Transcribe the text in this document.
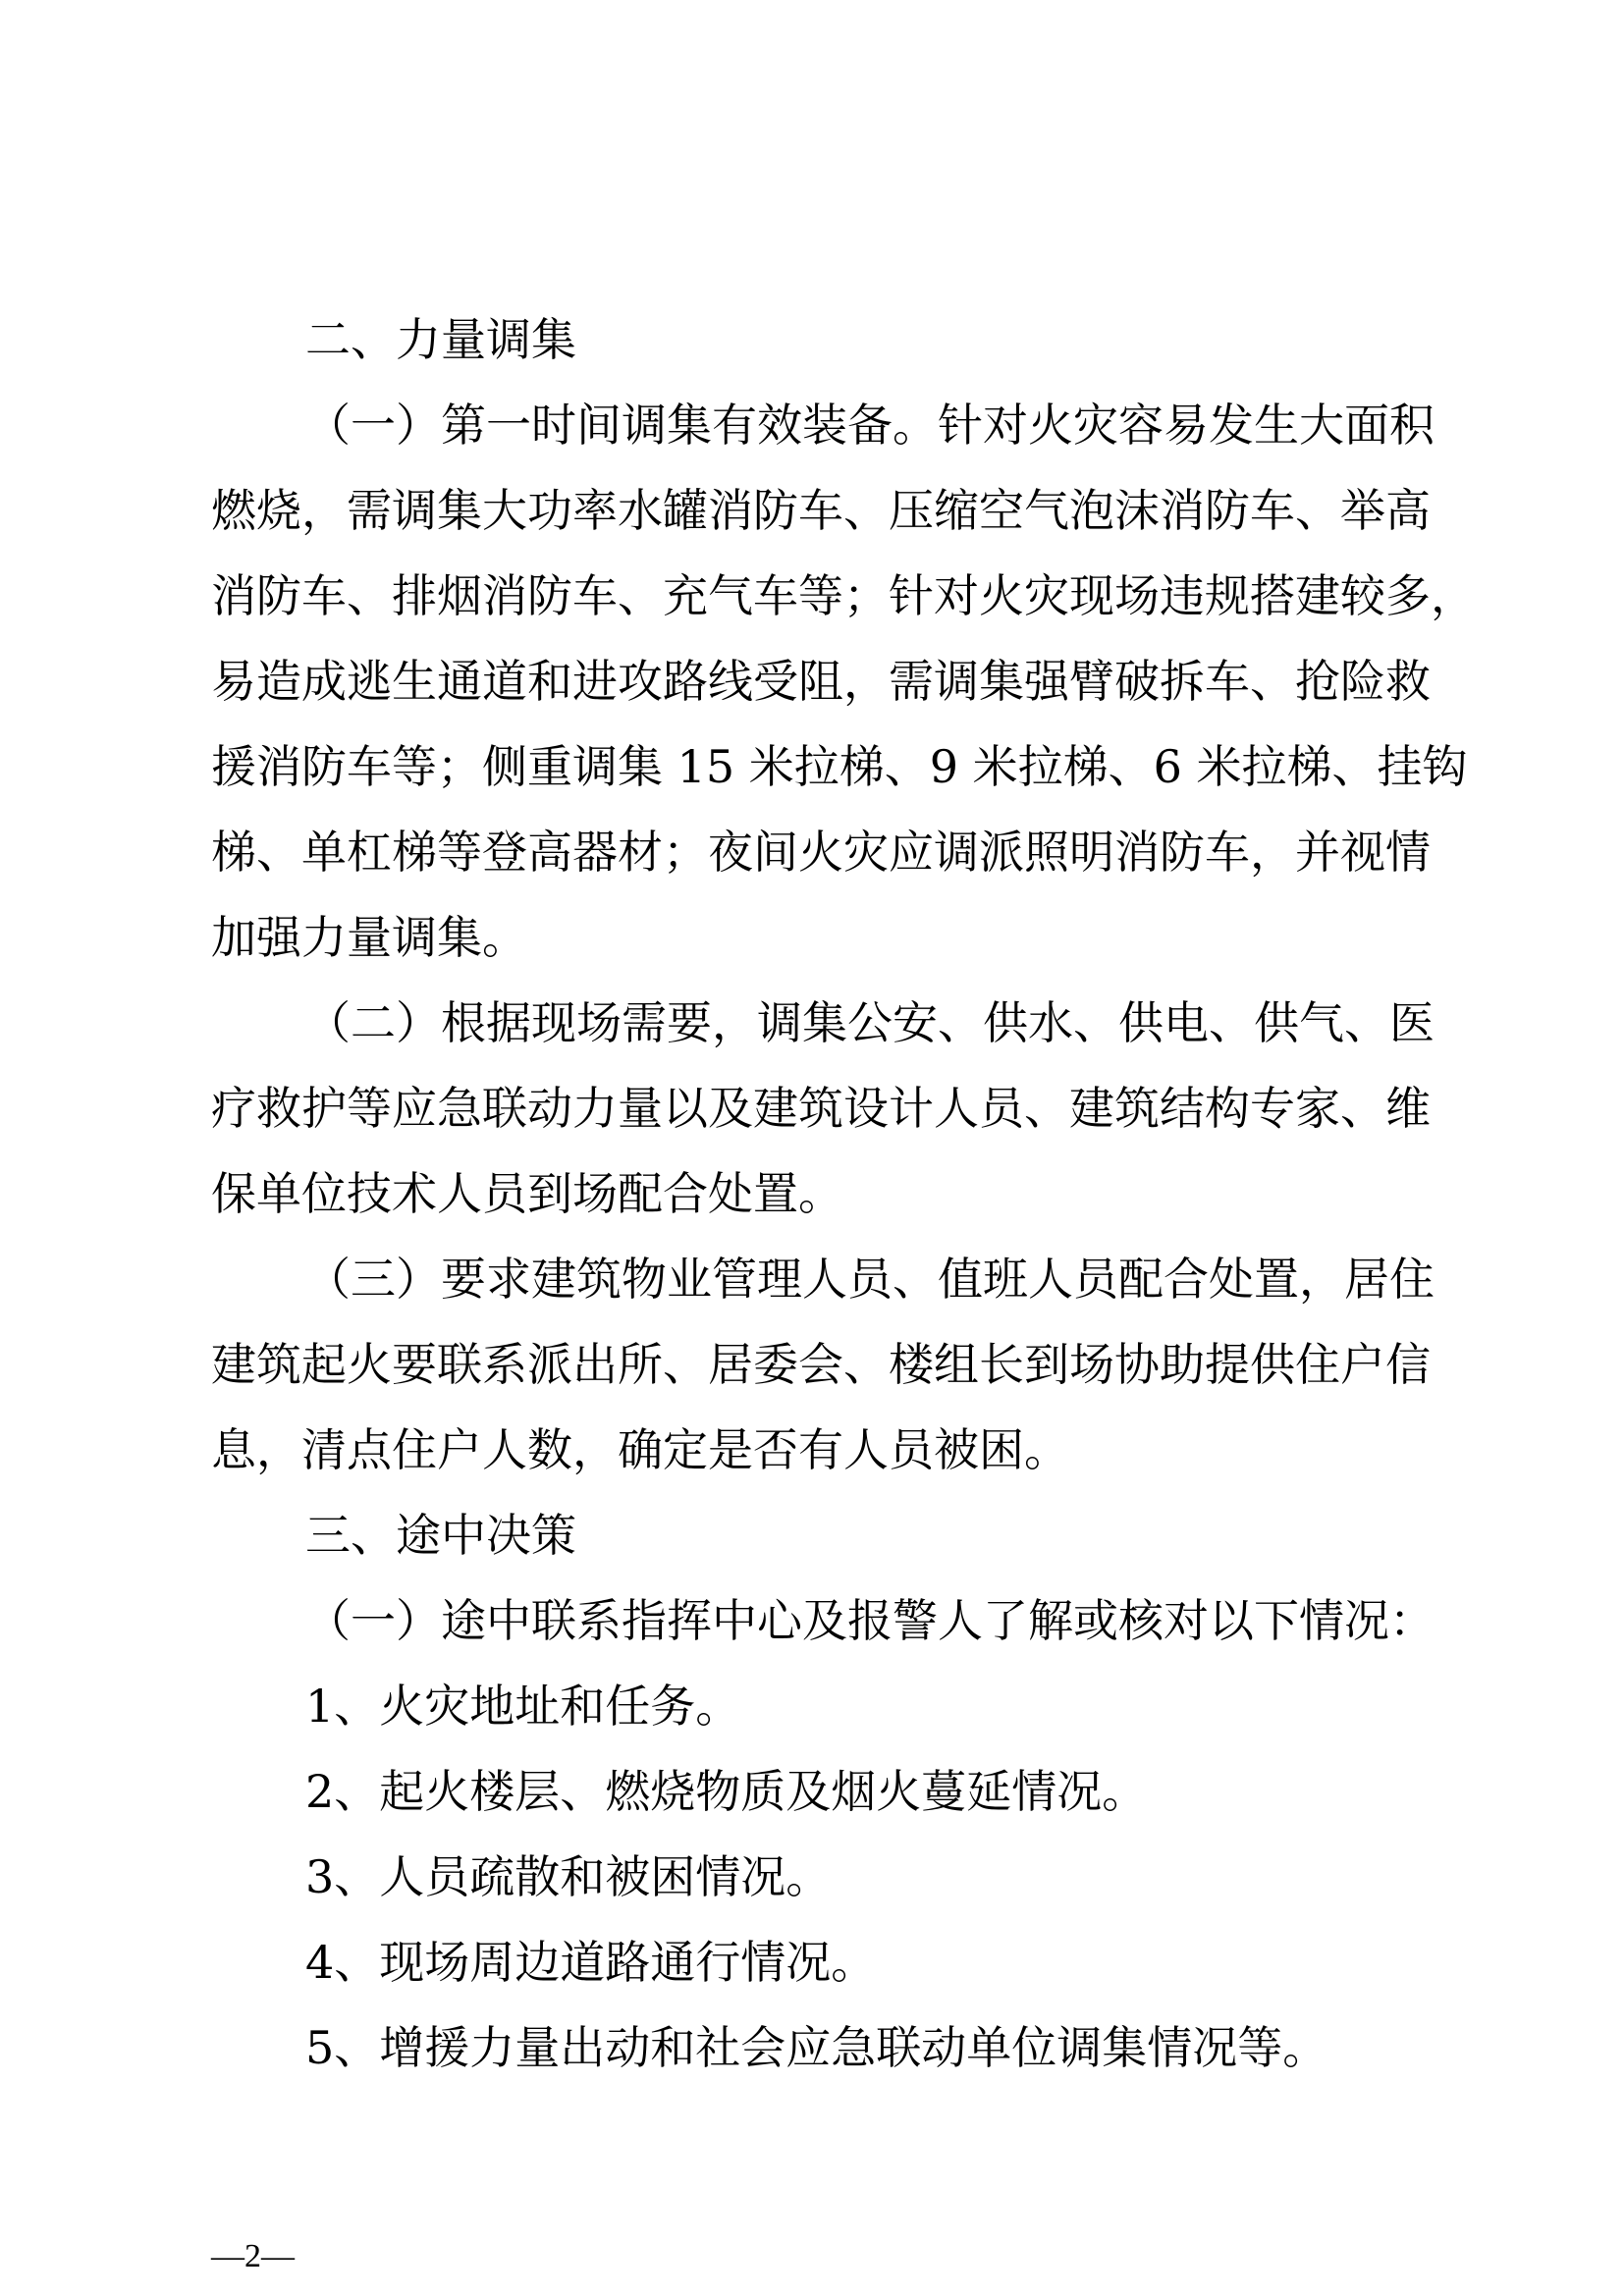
二、力量调集
（一）第一时间调集有效装备。针对火灾容易发生大面积
燃烧，需调集大功率水罐消防车、压缩空气泡沫消防车、举高
消防车、排烟消防车、充气车等；针对火灾现场违规搭建较多，
易造成逃生通道和进攻路线受阻，需调集强臂破拆车、抢险救
援消防车等；侧重调集 15 米拉梯、9 米拉梯、6 米拉梯、挂钩
梯、单杠梯等登高器材；夜间火灾应调派照明消防车，并视情
加强力量调集。
（二）根据现场需要，调集公安、供水、供电、供气、医
疗救护等应急联动力量以及建筑设计人员、建筑结构专家、维
保单位技术人员到场配合处置。
（三）要求建筑物业管理人员、值班人员配合处置，居住
建筑起火要联系派出所、居委会、楼组长到场协助提供住户信
息，清点住户人数，确定是否有人员被困。
三、途中决策
（一）途中联系指挥中心及报警人了解或核对以下情况：
1、火灾地址和任务。
2、起火楼层、燃烧物质及烟火蔓延情况。
3、人员疏散和被困情况。
4、现场周边道路通行情况。
5、增援力量出动和社会应急联动单位调集情况等。
—2—
